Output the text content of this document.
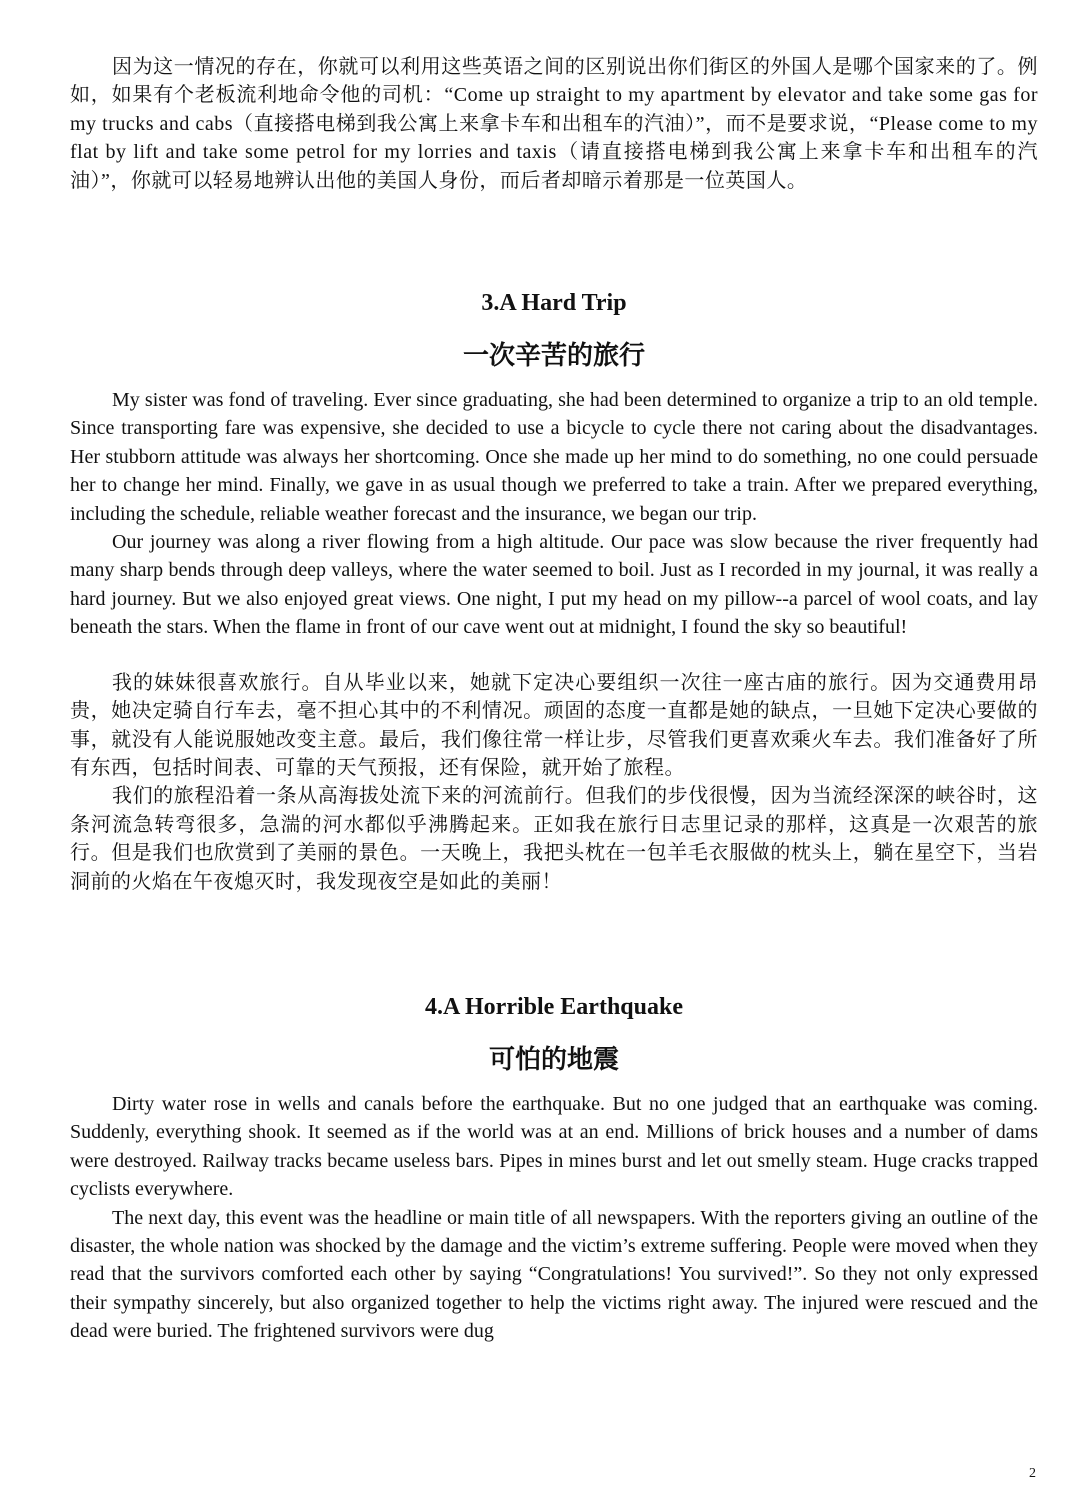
因为这一情况的存在，你就可以利用这些英语之间的区别说出你们街区的外国人是哪个国家来的了。例如，如果有个老板流利地命令他的司机：“Come up straight to my apartment by elevator and take some gas for my trucks and cabs（直接搭电梯到我公寓上来拿卡车和出租车的汽油）”，而不是要求说，“Please come to my flat by lift and take some petrol for my lorries and taxis（请直接搭电梯到我公寓上来拿卡车和出租车的汽油）”，你就可以轻易地辨认出他的美国人身份，而后者却暗示着那是一位英国人。

3.A Hard Trip
一次辛苦的旅行

My sister was fond of traveling. Ever since graduating, she had been determined to organize a trip to an old temple. Since transporting fare was expensive, she decided to use a bicycle to cycle there not caring about the disadvantages. Her stubborn attitude was always her shortcoming. Once she made up her mind to do something, no one could persuade her to change her mind. Finally, we gave in as usual though we preferred to take a train. After we prepared everything, including the schedule, reliable weather forecast and the insurance, we began our trip.

Our journey was along a river flowing from a high altitude. Our pace was slow because the river frequently had many sharp bends through deep valleys, where the water seemed to boil. Just as I recorded in my journal, it was really a hard journey. But we also enjoyed great views. One night, I put my head on my pillow--a parcel of wool coats, and lay beneath the stars. When the flame in front of our cave went out at midnight, I found the sky so beautiful!

我的妹妹很喜欢旅行。自从毕业以来，她就下定决心要组织一次往一座古庙的旅行。因为交通费用昂贵，她决定骑自行车去，毫不担心其中的不利情况。顽固的态度一直都是她的缺点，一旦她下定决心要做的事，就没有人能说服她改变主意。最后，我们像往常一样让步，尽管我们更喜欢乘火车去。我们准备好了所有东西，包括时间表、可靠的天气预报，还有保险，就开始了旅程。

我们的旅程沿着一条从高海拔处流下来的河流前行。但我们的步伐很慢，因为当流经深深的峡谷时，这条河流急转弯很多，急湍的河水都似乎沸腾起来。正如我在旅行日志里记录的那样，这真是一次艰苦的旅行。但是我们也欣赏到了美丽的景色。一天晚上，我把头枕在一包羊毛衣服做的枕头上，躺在星空下，当岩洞前的火焰在午夜熄灭时，我发现夜空是如此的美丽！

4.A Horrible Earthquake
可怕的地震

Dirty water rose in wells and canals before the earthquake. But no one judged that an earthquake was coming. Suddenly, everything shook. It seemed as if the world was at an end. Millions of brick houses and a number of dams were destroyed. Railway tracks became useless bars. Pipes in mines burst and let out smelly steam. Huge cracks trapped cyclists everywhere.

The next day, this event was the headline or main title of all newspapers. With the reporters giving an outline of the disaster, the whole nation was shocked by the damage and the victim’s extreme suffering. People were moved when they read that the survivors comforted each other by saying “Congratulations! You survived!”. So they not only expressed their sympathy sincerely, but also organized together to help the victims right away. The injured were rescued and the dead were buried. The frightened survivors were dug

2
